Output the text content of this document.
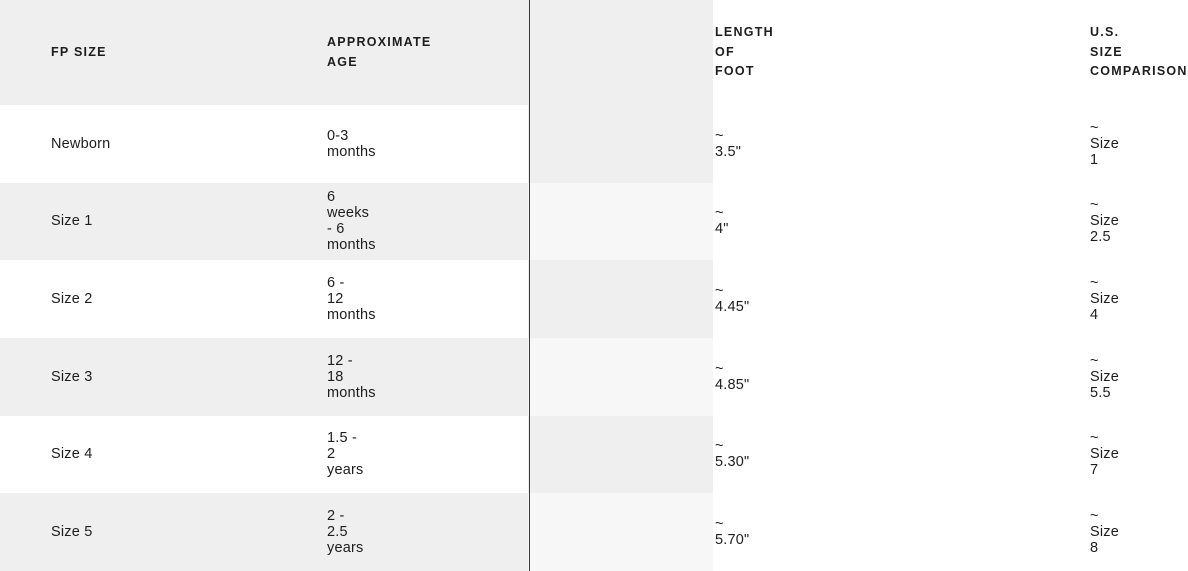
FP SIZE	APPROXIMATE AGE	LENGTH OF FOOT	U.S. SIZE COMPARISON
Newborn	0-3 months	~ 3.5"	~ Size 1
Size 1	6 weeks - 6 months	~ 4"	~ Size 2.5
Size 2	6 - 12 months	~ 4.45"	~ Size 4
Size 3	12 - 18 months	~ 4.85"	~ Size 5.5
Size 4	1.5 - 2 years	~ 5.30"	~ Size 7
Size 5	2 - 2.5 years	~ 5.70"	~ Size 8
